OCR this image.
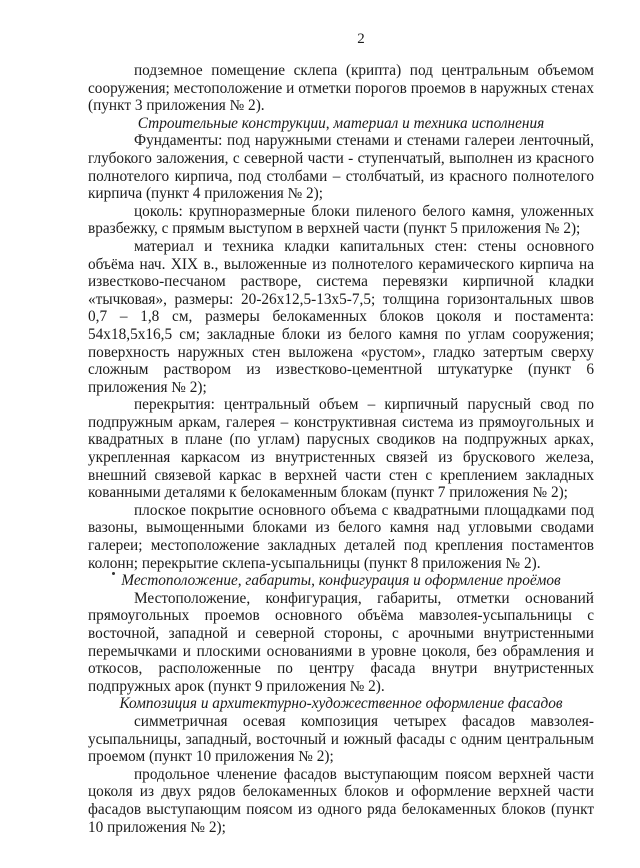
2

подземное помещение склепа (крипта) под центральным объемом сооружения; местоположение и отметки порогов проемов в наружных стенах (пункт 3 приложения № 2).

Строительные конструкции, материал и техника исполнения

Фундаменты: под наружными стенами и стенами галереи ленточный, глубокого заложения, с северной части - ступенчатый, выполнен из красного полнотелого кирпича, под столбами – столбчатый, из красного полнотелого кирпича (пункт 4 приложения № 2);

цоколь: крупноразмерные блоки пиленого белого камня, уложенных вразбежку, с прямым выступом в верхней части (пункт 5 приложения № 2);

материал и техника кладки капитальных стен: стены основного объёма нач. XIX в., выложенные из полнотелого керамического кирпича на известково-песчаном растворе, система перевязки кирпичной кладки «тычковая», размеры: 20-26х12,5-13х5-7,5; толщина горизонтальных швов 0,7 – 1,8 см, размеры белокаменных блоков цоколя и постамента: 54х18,5х16,5 см; закладные блоки из белого камня по углам сооружения; поверхность наружных стен выложена «рустом», гладко затертым сверху сложным раствором из известково-цементной штукатурке (пункт 6 приложения № 2);

перекрытия: центральный объем – кирпичный парусный свод по подпружным аркам, галерея – конструктивная система из прямоугольных и квадратных в плане (по углам) парусных сводиков на подпружных арках, укрепленная каркасом из внутристенных связей из брускового железа, внешний связевой каркас в верхней части стен с креплением закладных кованными деталями к белокаменным блокам (пункт 7 приложения № 2);

плоское покрытие основного объема с квадратными площадками под вазоны, вымощенными блоками из белого камня над угловыми сводами галереи; местоположение закладных деталей под крепления постаментов колонн; перекрытие склепа-усыпальницы (пункт 8 приложения № 2).

Местоположение, габариты, конфигурация и оформление проёмов

Местоположение, конфигурация, габариты, отметки оснований прямоугольных проемов основного объёма мавзолея-усыпальницы с восточной, западной и северной стороны, с арочными внутристенными перемычками и плоскими основаниями в уровне цоколя, без обрамления и откосов, расположенные по центру фасада внутри внутристенных подпружных арок (пункт 9 приложения № 2).

Композиция и архитектурно-художественное оформление фасадов

симметричная осевая композиция четырех фасадов мавзолея-усыпальницы, западный, восточный и южный фасады с одним центральным проемом (пункт 10 приложения № 2);

продольное членение фасадов выступающим поясом верхней части цоколя из двух рядов белокаменных блоков и оформление верхней части фасадов выступающим поясом из одного ряда белокаменных блоков (пункт 10 приложения № 2);
